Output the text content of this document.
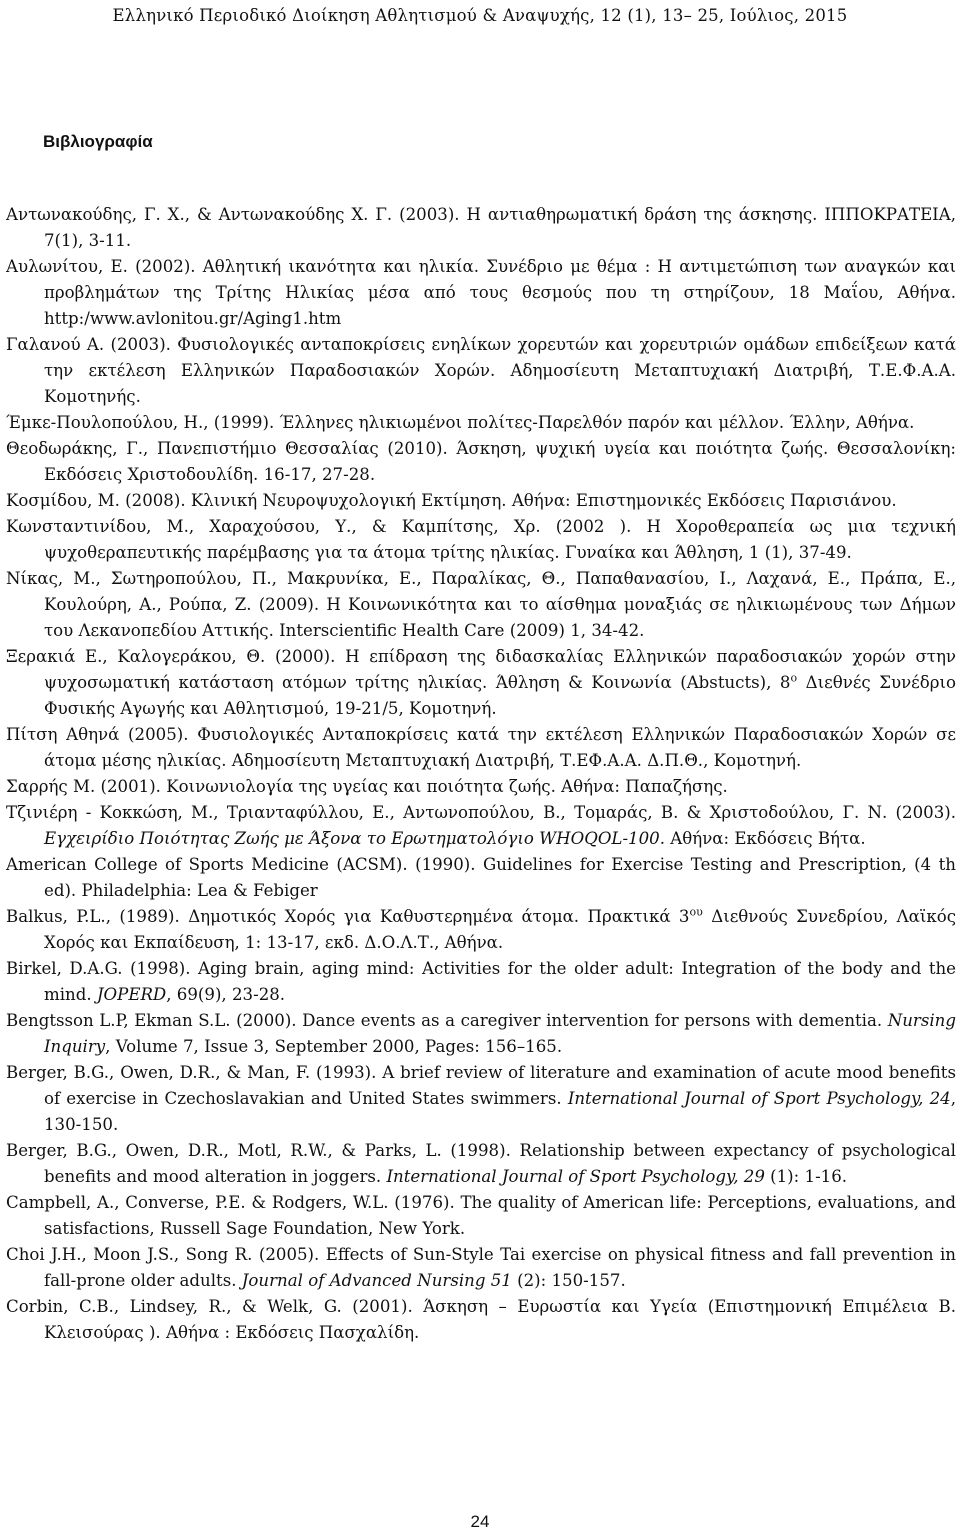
Ελληνικό Περιοδικό Διοίκηση Αθλητισμού & Αναψυχής, 12 (1), 13– 25, Ιούλιος, 2015
Βιβλιογραφία

Αντωνακούδης, Γ. Χ., & Αντωνακούδης Χ. Γ. (2003). Η αντιαθηρωματική δράση της άσκησης. ΙΠΠΟΚΡΑΤΕΙΑ, 7(1), 3-11.

Αυλωνίτου, Ε. (2002). Αθλητική ικανότητα και ηλικία. Συνέδριο με θέμα : Η αντιμετώπιση των αναγκών και προβλημάτων της Τρίτης Ηλικίας μέσα από τους θεσμούς που τη στηρίζουν, 18 Μαΐου, Αθήνα. http:/www.avlonitou.gr/Aging1.htm

Γαλανού Α. (2003). Φυσιολογικές ανταποκρίσεις ενηλίκων χορευτών και χορευτριών ομάδων επιδείξεων κατά την εκτέλεση Ελληνικών Παραδοσιακών Χορών. Αδημοσίευτη Μεταπτυχιακή Διατριβή, Τ.Ε.Φ.Α.Α. Κομοτηνής.

Έμκε-Πουλοπούλου, Η., (1999). Έλληνες ηλικιωμένοι πολίτες-Παρελθόν παρόν και μέλλον. Έλλην, Αθήνα.

Θεοδωράκης, Γ., Πανεπιστήμιο Θεσσαλίας (2010). Άσκηση, ψυχική υγεία και ποιότητα ζωής. Θεσσαλονίκη: Εκδόσεις Χριστοδουλίδη. 16-17, 27-28.

Κοσμίδου, Μ. (2008). Κλινική Νευροψυχολογική Εκτίμηση. Αθήνα: Επιστημονικές Εκδόσεις Παρισιάνου.

Κωνσταντινίδου, Μ., Χαραχούσου, Υ., & Καμπίτσης, Χρ. (2002 ). Η Χοροθεραπεία ως μια τεχνική ψυχοθεραπευτικής παρέμβασης για τα άτομα τρίτης ηλικίας. Γυναίκα και Άθληση, 1 (1), 37-49.

Νίκας, Μ., Σωτηροπούλου, Π., Μακρυνίκα, Ε., Παραλίκας, Θ., Παπαθανασίου, Ι., Λαχανά, Ε., Πράπα, Ε., Κουλούρη, Α., Ρούπα, Ζ. (2009). Η Κοινωνικότητα και το αίσθημα μοναξιάς σε ηλικιωμένους των Δήμων του Λεκανοπεδίου Αττικής. Interscientific Health Care (2009) 1, 34-42.

Ξερακιά Ε., Καλογεράκου, Θ. (2000). Η επίδραση της διδασκαλίας Ελληνικών παραδοσιακών χορών στην ψυχοσωματική κατάσταση ατόμων τρίτης ηλικίας. Άθληση & Κοινωνία (Abstucts), $8^o$ Διεθνές Συνέδριο Φυσικής Αγωγής και Αθλητισμού, 19-21/5, Κομοτηνή.

Πίτση Αθηνά (2005). Φυσιολογικές Ανταποκρίσεις κατά την εκτέλεση Ελληνικών Παραδοσιακών Χορών σε άτομα μέσης ηλικίας. Αδημοσίευτη Μεταπτυχιακή Διατριβή, Τ.ΕΦ.Α.Α. Δ.Π.Θ., Κομοτηνή.

Σαρρής Μ. (2001). Κοινωνιολογία της υγείας και ποιότητα ζωής. Αθήνα: Παπαζήσης.

Τζινιέρη - Κοκκώση, Μ., Τριανταφύλλου, Ε., Αντωνοπούλου, Β., Τομαράς, Β. & Χριστοδούλου, Γ. Ν. (2003). Εγχειρίδιο Ποιότητας Ζωής με Άξονα το Ερωτηματολόγιο WHOQOL-100. Αθήνα: Εκδόσεις Βήτα.

American College of Sports Medicine (ACSM). (1990). Guidelines for Exercise Testing and Prescription, (4 th ed). Philadelphia: Lea & Febiger

Balkus, P.L., (1989). Δημοτικός Χορός για Καθυστερημένα άτομα. Πρακτικά $3^{o\upsilon}$ Διεθνούς Συνεδρίου, Λαϊκός Χορός και Εκπαίδευση, 1: 13-17, εκδ. Δ.Ο.Λ.Τ., Αθήνα.

Birkel, D.A.G. (1998). Aging brain, aging mind: Activities for the older adult: Integration of the body and the mind. JOPERD, 69(9), 23-28.

Bengtsson L.P, Ekman S.L. (2000). Dance events as a caregiver intervention for persons with dementia. Nursing Inquiry, Volume 7, Issue 3, September 2000, Pages: 156–165.

Berger, B.G., Owen, D.R., & Man, F. (1993). A brief review of literature and examination of acute mood benefits of exercise in Czechoslavakian and United States swimmers. International Journal of Sport Psychology, 24, 130-150.

Berger, B.G., Owen, D.R., Motl, R.W., & Parks, L. (1998). Relationship between expectancy of psychological benefits and mood alteration in joggers. International Journal of Sport Psychology, 29 (1): 1-16.

Campbell, A., Converse, P.E. & Rodgers, W.L. (1976). The quality of American life: Perceptions, evaluations, and satisfactions, Russell Sage Foundation, New York.

Choi J.H., Moon J.S., Song R. (2005). Effects of Sun-Style Tai exercise on physical fitness and fall prevention in fall-prone older adults. Journal of Advanced Nursing 51 (2): 150-157.

Corbin, C.B., Lindsey, R., & Welk, G. (2001). Άσκηση – Ευρωστία και Υγεία (Επιστημονική Επιμέλεια Β. Κλεισούρας ). Αθήνα : Εκδόσεις Πασχαλίδη.

24
